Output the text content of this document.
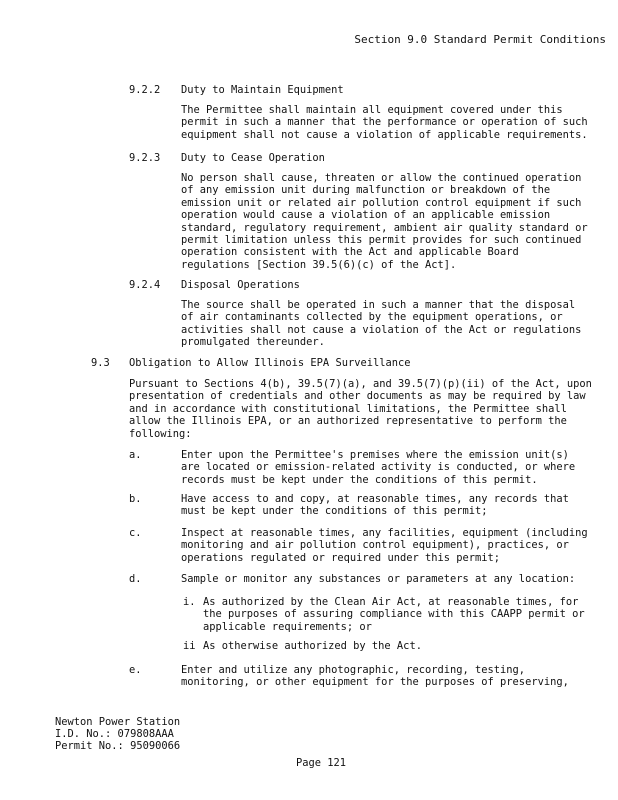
Section 9.0 Standard Permit Conditions
9.2.2 Duty to Maintain Equipment
The Permittee shall maintain all equipment covered under this
permit in such a manner that the performance or operation of such
equipment shall not cause a violation of applicable requirements.
9.2.3 Duty to Cease Operation
No person shall cause, threaten or allow the continued operation
of any emission unit during malfunction or breakdown of the
emission unit or related air pollution control equipment if such
operation would cause a violation of an applicable emission
standard, regulatory requirement, ambient air quality standard or
permit limitation unless this permit provides for such continued
operation consistent with the Act and applicable Board
regulations [Section 39.5(6)(c) of the Act].
9.2.4 Disposal Operations
The source shall be operated in such a manner that the disposal
of air contaminants collected by the equipment operations, or
activities shall not cause a violation of the Act or regulations
promulgated thereunder.
9.3 Obligation to Allow Illinois EPA Surveillance
Pursuant to Sections 4(b), 39.5(7)(a), and 39.5(7)(p)(ii) of the Act, upon
presentation of credentials and other documents as may be required by law
and in accordance with constitutional limitations, the Permittee shall
allow the Illinois EPA, or an authorized representative to perform the
following:
a.	Enter upon the Permittee's premises where the emission unit(s)
are located or emission-related activity is conducted, or where
records must be kept under the conditions of this permit.
b.	Have access to and copy, at reasonable times, any records that
must be kept under the conditions of this permit;
c.	Inspect at reasonable times, any facilities, equipment (including
monitoring and air pollution control equipment), practices, or
operations regulated or required under this permit;
d.	Sample or monitor any substances or parameters at any location:
i. As authorized by the Clean Air Act, at reasonable times, for
the purposes of assuring compliance with this CAAPP permit or
applicable requirements; or
ii As otherwise authorized by the Act.
e.	Enter and utilize any photographic, recording, testing,
monitoring, or other equipment for the purposes of preserving,
Newton Power Station
I.D. No.: 079808AAA
Permit No.: 95090066
Page 121
